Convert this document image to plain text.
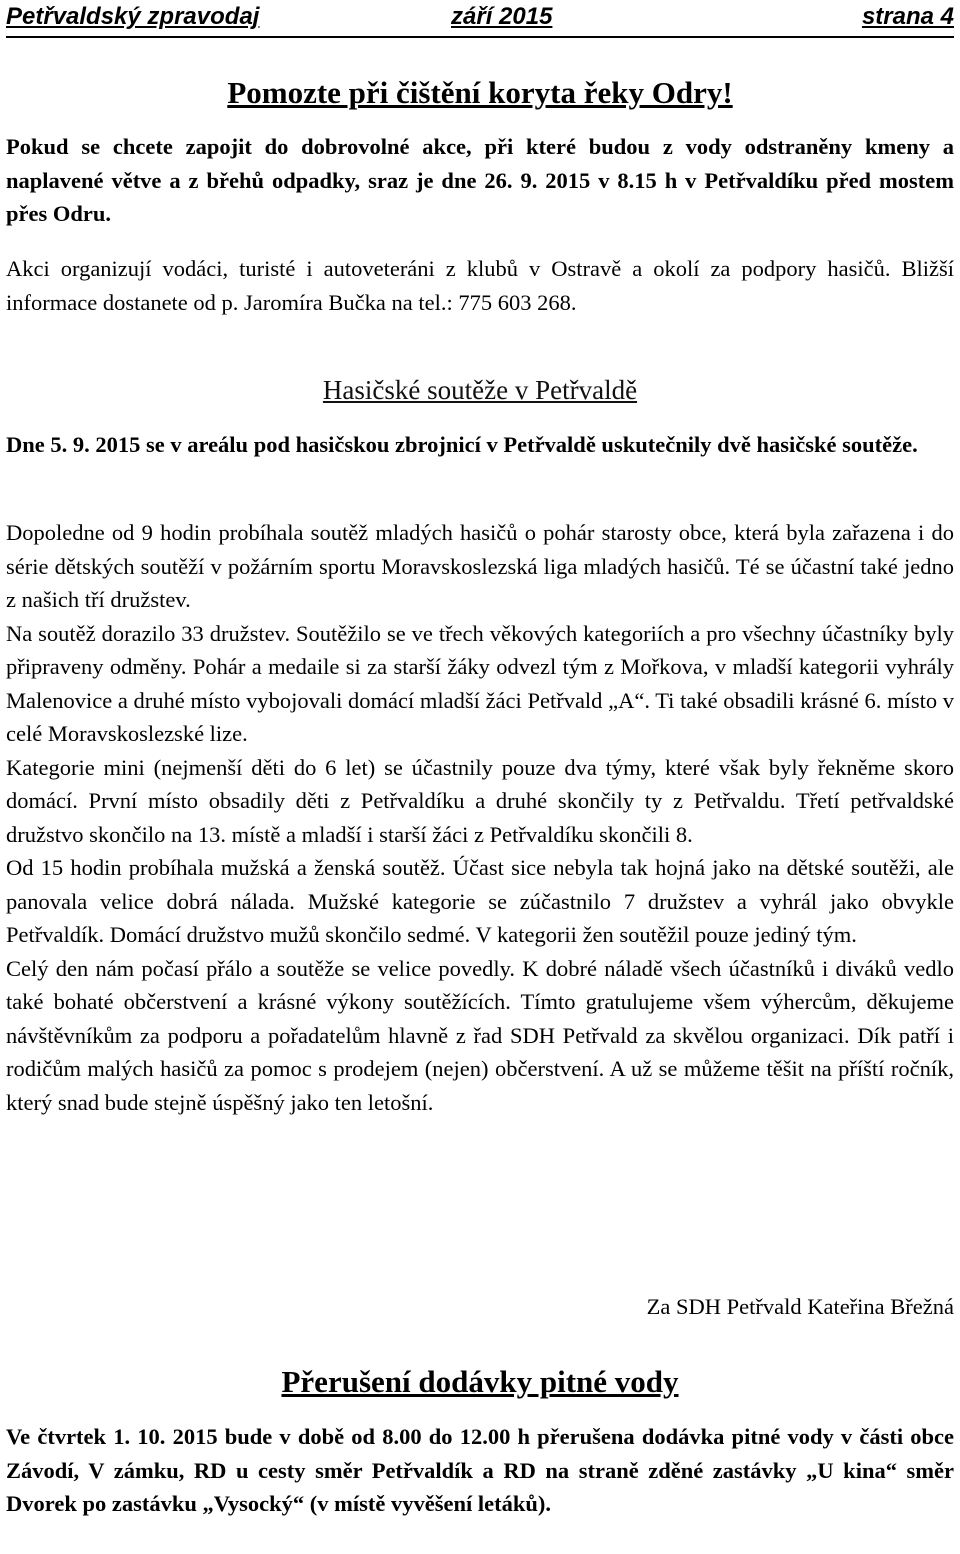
Petřvaldský zpravodaj	září 2015	strana 4
Pomozte při čištění koryta řeky Odry!

Pokud se chcete zapojit do dobrovolné akce, při které budou z vody odstraněny kmeny a naplavené větve a z břehů odpadky, sraz je dne 26. 9. 2015 v 8.15 h v Petřvaldíku před mostem přes Odru.

Akci organizují vodáci, turisté i autoveteráni z klubů v Ostravě a okolí za podpory hasičů. Bližší informace dostanete od p. Jaromíra Bučka na tel.: 775 603 268.

Hasičské soutěže v Petřvaldě

Dne 5. 9. 2015 se v areálu pod hasičskou zbrojnicí v Petřvaldě uskutečnily dvě hasičské soutěže.

Dopoledne od 9 hodin probíhala soutěž mladých hasičů o pohár starosty obce, která byla zařazena i do série dětských soutěží v požárním sportu Moravskoslezská liga mladých hasičů. Té se účastní také jedno z našich tří družstev.

Na soutěž dorazilo 33 družstev. Soutěžilo se ve třech věkových kategoriích a pro všechny účastníky byly připraveny odměny. Pohár a medaile si za starší žáky odvezl tým z Mořkova, v mladší kategorii vyhrály Malenovice a druhé místo vybojovali domácí mladší žáci Petřvald „A“. Ti také obsadili krásné 6. místo v celé Moravskoslezské lize.

Kategorie mini (nejmenší děti do 6 let) se účastnily pouze dva týmy, které však byly řekněme skoro domácí. První místo obsadily děti z Petřvaldíku a druhé skončily ty z Petřvaldu. Třetí petřvaldské družstvo skončilo na 13. místě a mladší i starší žáci z Petřvaldíku skončili 8.

Od 15 hodin probíhala mužská a ženská soutěž. Účast sice nebyla tak hojná jako na dětské soutěži, ale panovala velice dobrá nálada. Mužské kategorie se zúčastnilo 7 družstev a vyhrál jako obvykle Petřvaldík. Domácí družstvo mužů skončilo sedmé. V kategorii žen soutěžil pouze jediný tým.

Celý den nám počasí přálo a soutěže se velice povedly. K dobré náladě všech účastníků i diváků vedlo také bohaté občerstvení a krásné výkony soutěžících. Tímto gratulujeme všem výhercům, děkujeme návštěvníkům za podporu a pořadatelům hlavně z řad SDH Petřvald za skvělou organizaci. Dík patří i rodičům malých hasičů za pomoc s prodejem (nejen) občerstvení. A už se můžeme těšit na příští ročník, který snad bude stejně úspěšný jako ten letošní.

Za SDH Petřvald Kateřina Břežná
Přerušení dodávky pitné vody

Ve čtvrtek 1. 10. 2015 bude v době od 8.00 do 12.00 h přerušena dodávka pitné vody v části obce Závodí, V zámku, RD u cesty směr Petřvaldík a RD na straně zděné zastávky „U kina“ směr Dvorek po zastávku „Vysocký“ (v místě vyvěšení letáků).
